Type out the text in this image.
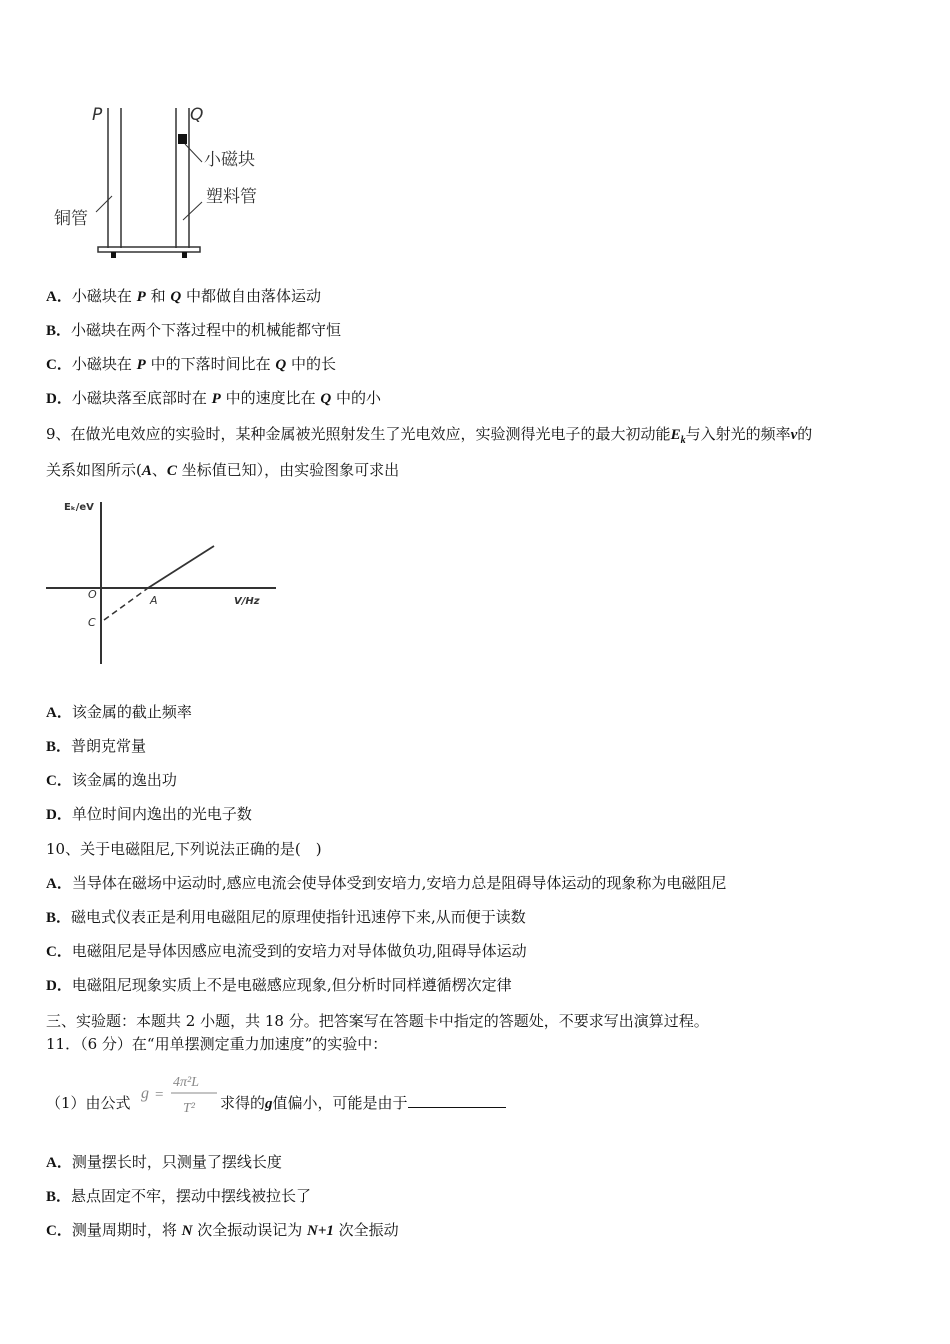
P	Q
小磁块
塑料管
铜管
A．小磁块在 P 和 Q 中都做自由落体运动
B．小磁块在两个下落过程中的机械能都守恒
C．小磁块在 P 中的下落时间比在 Q 中的长
D．小磁块落至底部时在 P 中的速度比在 Q 中的小
9、在做光电效应的实验时，某种金属被光照射发生了光电效应，实验测得光电子的最大初动能$E_k$与入射光的频率v的
关系如图所示(A、C 坐标值已知），由实验图象可求出
Eₖ/eV
V/Hz
O	A
C
A．该金属的截止频率
B．普朗克常量
C．该金属的逸出功
D．单位时间内逸出的光电子数
10、关于电磁阻尼,下列说法正确的是(　)
A．当导体在磁场中运动时,感应电流会使导体受到安培力,安培力总是阻碍导体运动的现象称为电磁阻尼
B．磁电式仪表正是利用电磁阻尼的原理使指针迅速停下来,从而便于读数
C．电磁阻尼是导体因感应电流受到的安培力对导体做负功,阻碍导体运动
D．电磁阻尼现象实质上不是电磁感应现象,但分析时同样遵循楞次定律
三、实验题：本题共 2 小题，共 18 分。把答案写在答题卡中指定的答题处，不要求写出演算过程。
11．（6 分）在“用单摆测定重力加速度”的实验中：
（1）由公式
g =
4π²L
T² 求得的g值偏小，可能是由于
A．测量摆长时，只测量了摆线长度
B．悬点固定不牢，摆动中摆线被拉长了
C．测量周期时，将 N 次全振动误记为 N+1 次全振动
